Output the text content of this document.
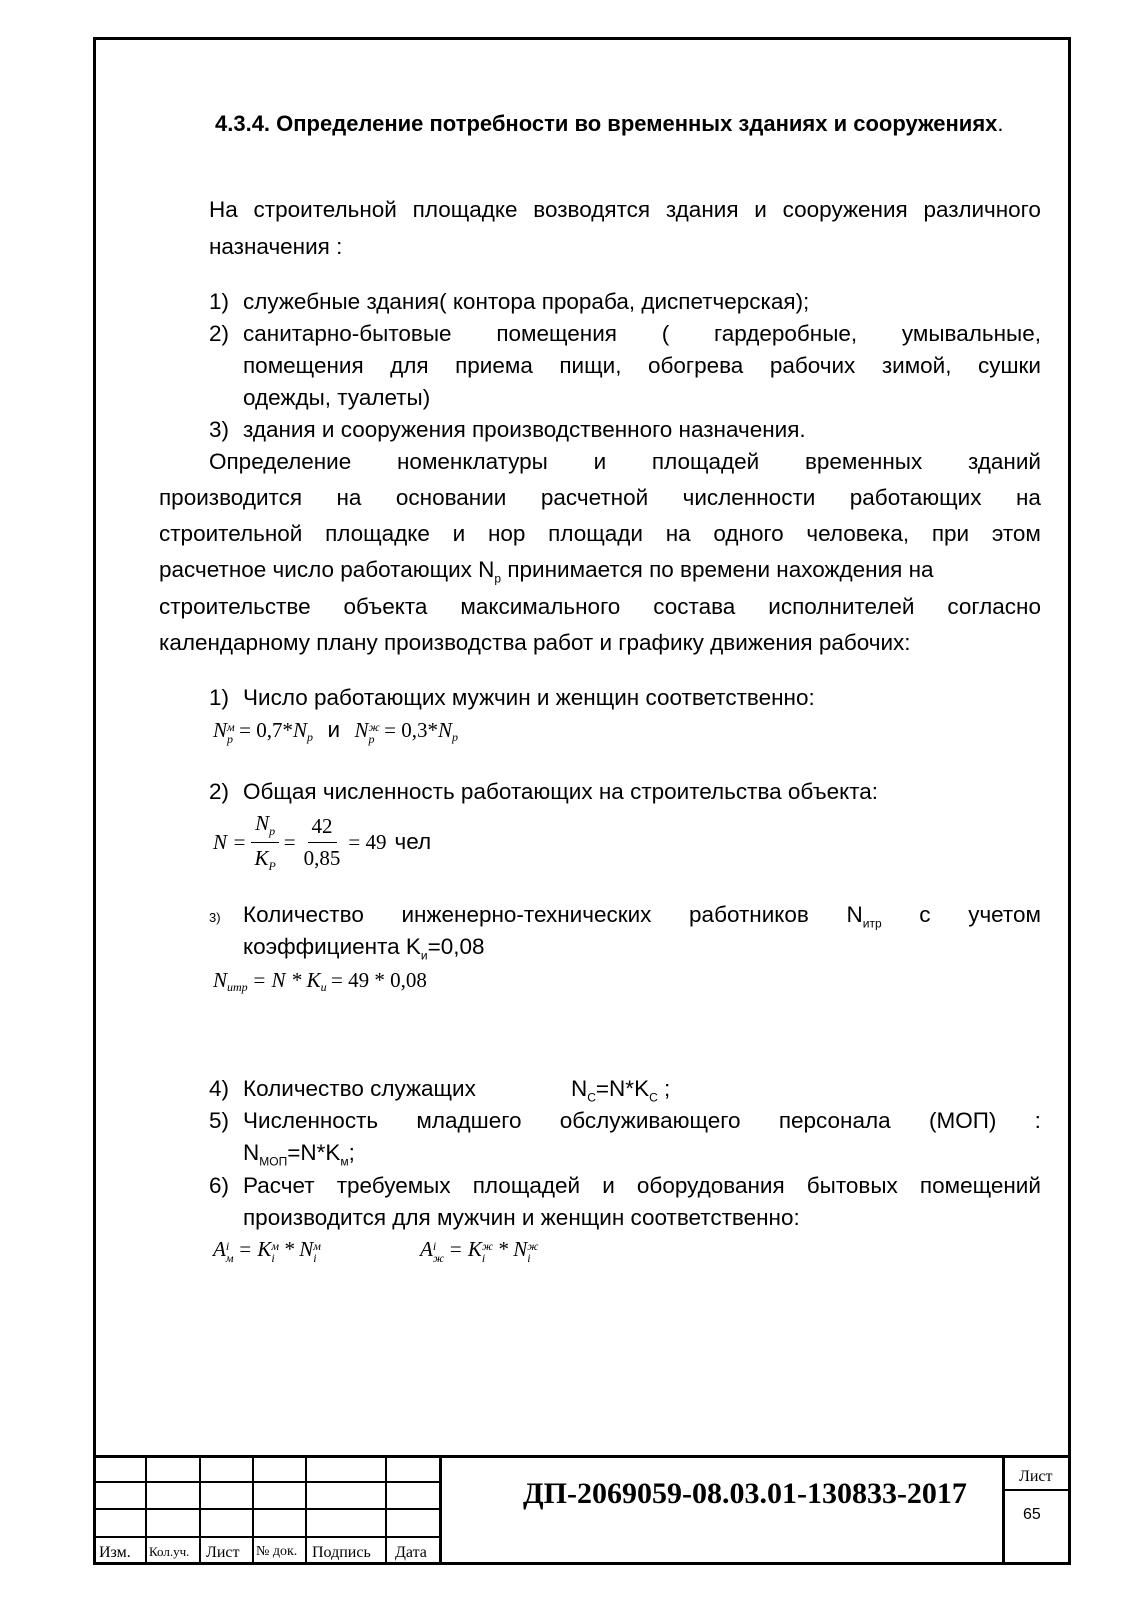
4.3.4. Определение потребности во временных зданиях и сооружениях.
На строительной площадке возводятся здания и сооружения различного
назначения :
1) служебные здания( контора прораба, диспетчерская);
2) санитарно-бытовые помещения ( гардеробные, умывальные,
помещения для приема пищи, обогрева рабочих зимой, сушки
одежды, туалеты)
3) здания и сооружения производственного назначения.
Определение номенклатуры и площадей временных зданий
производится на основании расчетной численности работающих на
строительной площадке и нор площади на одного человека, при этом
расчетное число работающих $N_р$ принимается по времени нахождения на
строительстве объекта максимального состава исполнителей согласно
календарному плану производства работ и графику движения рабочих:
1) Число работающих мужчин и женщин соответственно:
N м
$р = 0,7*N_р$ и N ж
$р = 0,3*N_р$
2) Общая численность работающих на строительства объекта:
$N = \frac{N_р}{K_Р} = \frac{42}{0,85} = 49$ чел
3) Количество инженерно-технических работников $N_{итр}$ с учетом
коэффициента $K_и=0,08$
$N_{итр} = N * K_и = 49 * 0,08$
4) Количество служащих	$N_C=N*K_C$ ;
5) Численность младшего обслуживающего персонала (МОП) :
$N_{МОП}=N*K_м$;
6) Расчет требуемых площадей и оборудования бытовых помещений
производится для мужчин и женщин соответственно:
A i
м = K м
i * N м
i	A i
ж = K ж
i * N ж
i
Изм. Кол.уч. Лист № док. Подпись Дата
ДП-2069059-08.03.01-130833-2017
Лист
65
